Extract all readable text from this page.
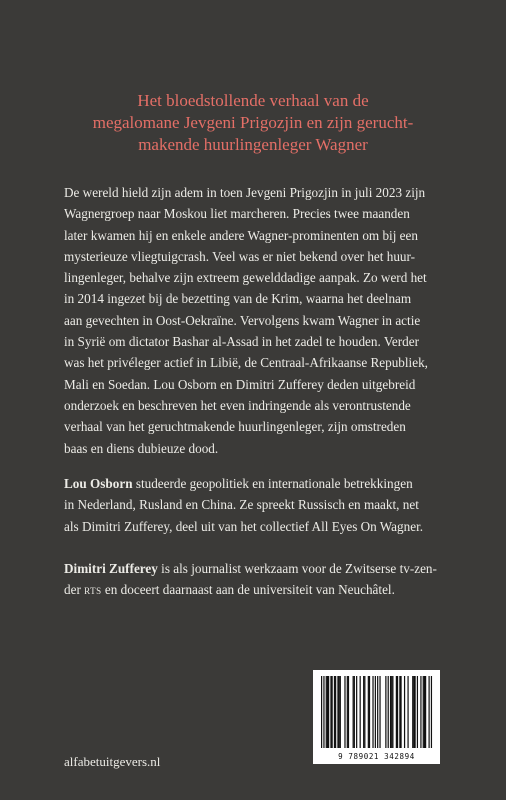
Het bloedstollende verhaal van de
megalomane Jevgeni Prigozjin en zijn gerucht-
makende huurlingenleger Wagner
De wereld hield zijn adem in toen Jevgeni Prigozjin in juli 2023 zijn
Wagnergroep naar Moskou liet marcheren. Precies twee maanden
later kwamen hij en enkele andere Wagner-prominenten om bij een
mysterieuze vliegtuigcrash. Veel was er niet bekend over het huur-
lingenleger, behalve zijn extreem gewelddadige aanpak. Zo werd het
in 2014 ingezet bij de bezetting van de Krim, waarna het deelnam
aan gevechten in Oost-Oekraïne. Vervolgens kwam Wagner in actie
in Syrië om dictator Bashar al-Assad in het zadel te houden. Verder
was het privéleger actief in Libië, de Centraal-Afrikaanse Republiek,
Mali en Soedan. Lou Osborn en Dimitri Zufferey deden uitgebreid
onderzoek en beschreven het even indringende als verontrustende
verhaal van het geruchtmakende huurlingenleger, zijn omstreden
baas en diens dubieuze dood.
Lou Osborn studeerde geopolitiek en internationale betrekkingen
in Nederland, Rusland en China. Ze spreekt Russisch en maakt, net
als Dimitri Zufferey, deel uit van het collectief All Eyes On Wagner.
Dimitri Zufferey is als journalist werkzaam voor de Zwitserse tv-zen-
der rts en doceert daarnaast aan de universiteit van Neuchâtel.
9 789021 342894
alfabetuitgevers.nl
